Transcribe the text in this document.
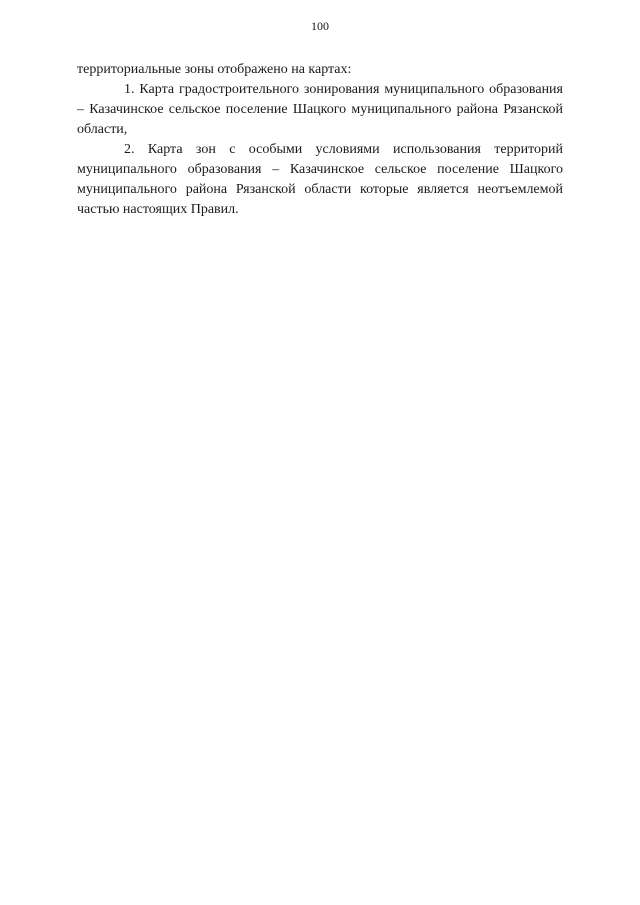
100

территориальные зоны отображено на картах:

1. Карта градостроительного зонирования муниципального образования – Казачинское сельское поселение Шацкого муниципального района Рязанской области,

2. Карта зон с особыми условиями использования территорий муниципального образования – Казачинское сельское поселение Шацкого муниципального района Рязанской области которые является неотъемлемой частью настоящих Правил.
